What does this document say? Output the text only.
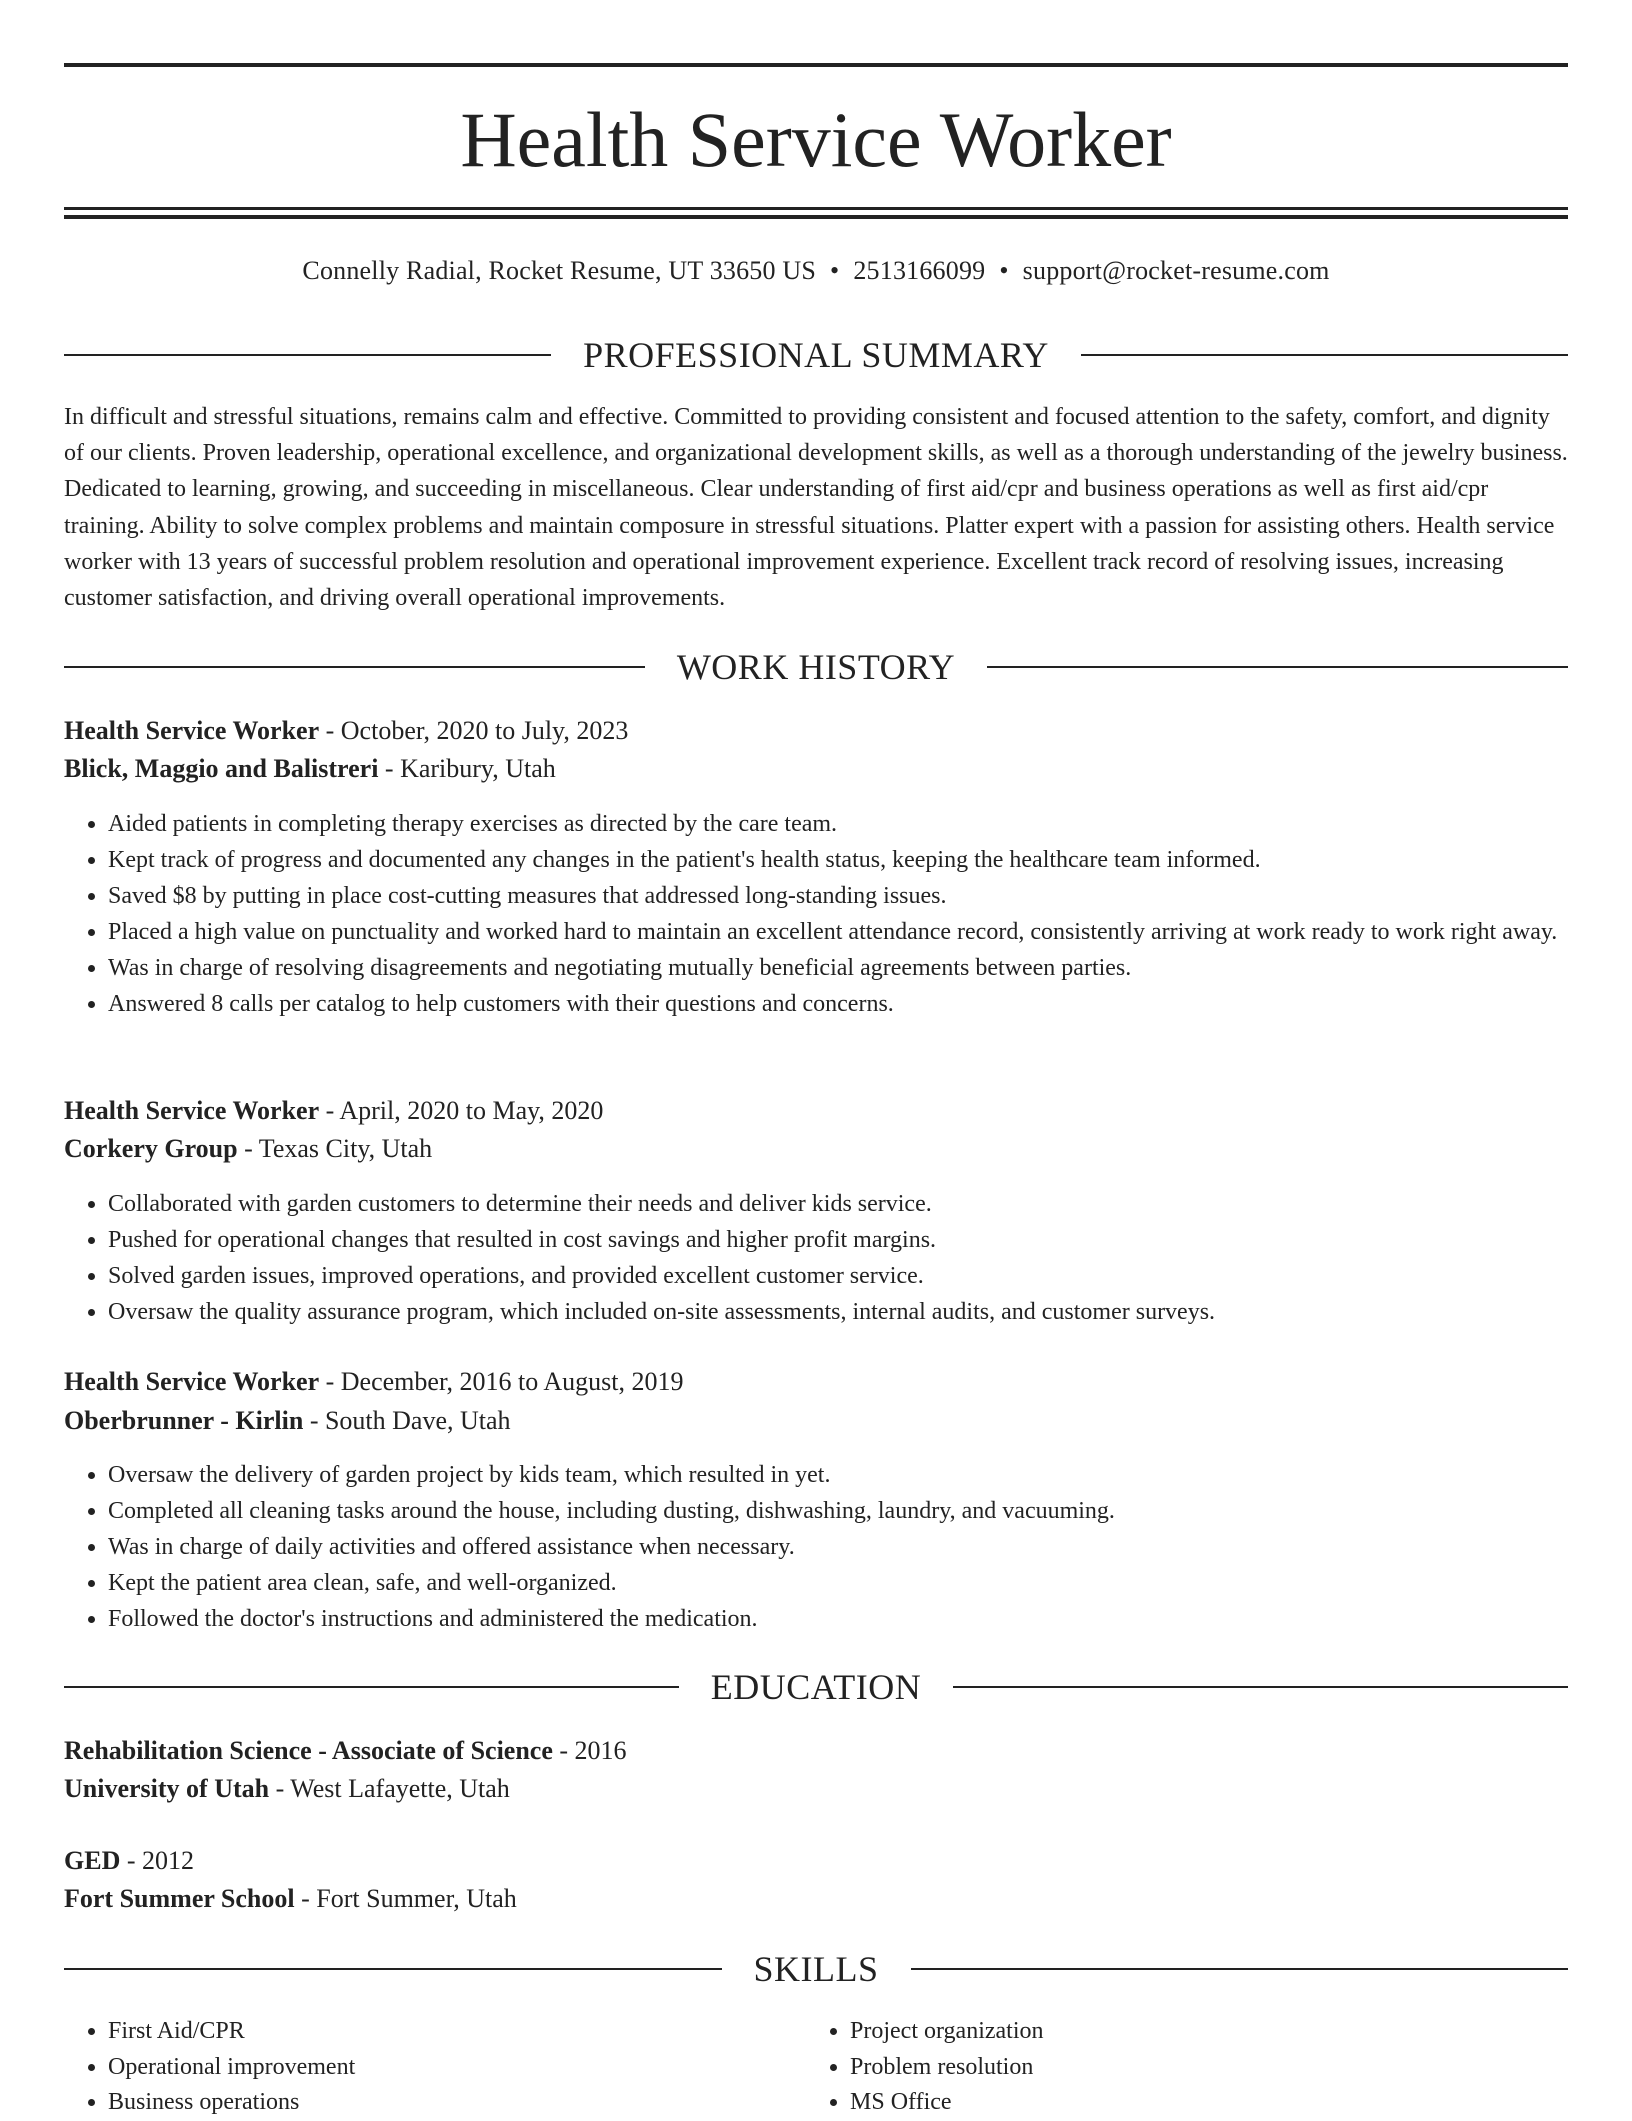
Health Service Worker
Connelly Radial, Rocket Resume, UT 33650 US • 2513166099 • support@rocket-resume.com
PROFESSIONAL SUMMARY

In difficult and stressful situations, remains calm and effective. Committed to providing consistent and focused attention to the safety, comfort, and dignity of our clients. Proven leadership, operational excellence, and organizational development skills, as well as a thorough understanding of the jewelry business. Dedicated to learning, growing, and succeeding in miscellaneous. Clear understanding of first aid/cpr and business operations as well as first aid/cpr training. Ability to solve complex problems and maintain composure in stressful situations. Platter expert with a passion for assisting others. Health service worker with 13 years of successful problem resolution and operational improvement experience. Excellent track record of resolving issues, increasing customer satisfaction, and driving overall operational improvements.

WORK HISTORY
Health Service Worker - October, 2020 to July, 2023
Blick, Maggio and Balistreri - Karibury, Utah
• Aided patients in completing therapy exercises as directed by the care team.
• Kept track of progress and documented any changes in the patient's health status, keeping the healthcare team informed.
• Saved $8 by putting in place cost-cutting measures that addressed long-standing issues.
• Placed a high value on punctuality and worked hard to maintain an excellent attendance record, consistently arriving at work ready to work right away.
• Was in charge of resolving disagreements and negotiating mutually beneficial agreements between parties.
• Answered 8 calls per catalog to help customers with their questions and concerns.
Health Service Worker - April, 2020 to May, 2020
Corkery Group - Texas City, Utah
• Collaborated with garden customers to determine their needs and deliver kids service.
• Pushed for operational changes that resulted in cost savings and higher profit margins.
• Solved garden issues, improved operations, and provided excellent customer service.
• Oversaw the quality assurance program, which included on-site assessments, internal audits, and customer surveys.
Health Service Worker - December, 2016 to August, 2019
Oberbrunner - Kirlin - South Dave, Utah
• Oversaw the delivery of garden project by kids team, which resulted in yet.
• Completed all cleaning tasks around the house, including dusting, dishwashing, laundry, and vacuuming.
• Was in charge of daily activities and offered assistance when necessary.
• Kept the patient area clean, safe, and well-organized.
• Followed the doctor's instructions and administered the medication.
EDUCATION
Rehabilitation Science - Associate of Science - 2016
University of Utah - West Lafayette, Utah
GED - 2012
Fort Summer School - Fort Summer, Utah
SKILLS
• First Aid/CPR
• Operational improvement
• Business operations
• Project organization
• Problem resolution
• MS Office
